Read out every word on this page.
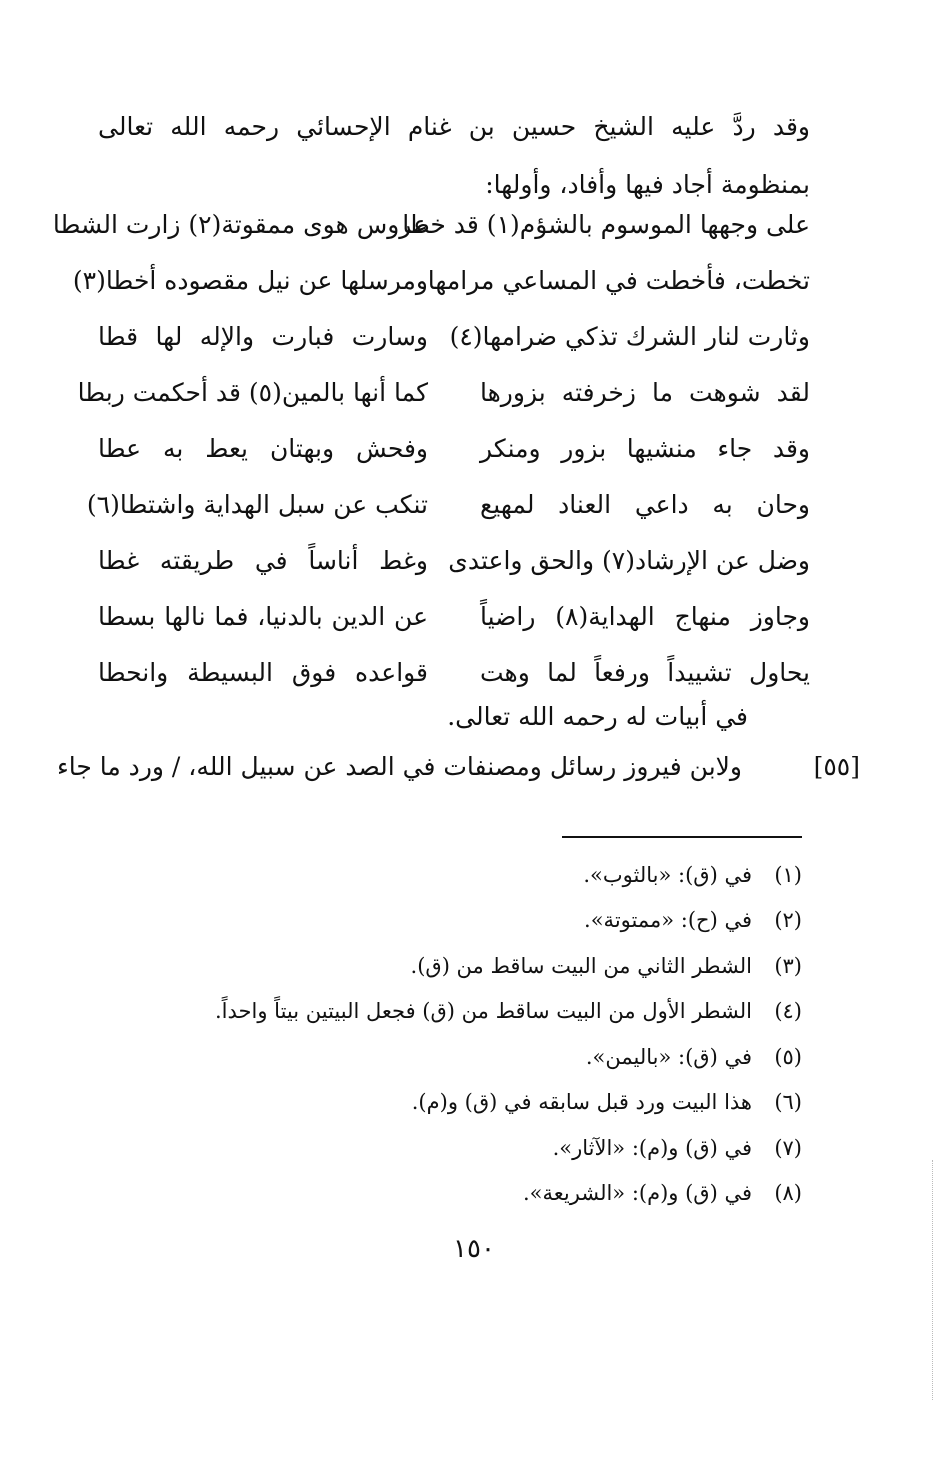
وقد ردَّ عليه الشيخ حسين بن غنام الإحسائي رحمه الله تعالى

بمنظومة أجاد فيها وأفاد، وأولها:

على وجهها الموسوم بالشؤم(١) قد خطا
عروس هوى ممقوتة(٢) زارت الشطا
تخطت، فأخطت في المساعي مرامها
ومرسلها عن نيل مقصوده أخطا(٣)
وثارت لنار الشرك تذكي ضرامها(٤)
وسارت فبارت والإله لها قطا
لقد شوهت ما زخرفته بزورها
كما أنها بالمين(٥) قد أحكمت ربطا
وقد جاء منشيها بزور ومنكر
وفحش وبهتان يعط به عطا
وحان به داعي العناد لمهيع
تنكب عن سبل الهداية واشتطا(٦)
وضل عن الإرشاد(٧) والحق واعتدى
وغط أناساً في طريقته غطا
وجاوز منهاج الهداية(٨) راضياً
عن الدين بالدنيا، فما نالها بسطا
يحاول تشييداً ورفعاً لما وهت
قواعده فوق البسيطة وانحطا
في أبيات له رحمه الله تعالى.
[٥٥]
ولابن فيروز رسائل ومصنفات في الصد عن سبيل الله، / ورد ما جاء
(١)
في (ق): «بالثوب».
(٢)
في (ح): «ممتوتة».
(٣)
الشطر الثاني من البيت ساقط من (ق).
(٤)
الشطر الأول من البيت ساقط من (ق) فجعل البيتين بيتاً واحداً.
(٥)
في (ق): «باليمن».
(٦)
هذا البيت ورد قبل سابقه في (ق) و(م).
(٧)
في (ق) و(م): «الآثار».
(٨)
في (ق) و(م): «الشريعة».
١٥٠
